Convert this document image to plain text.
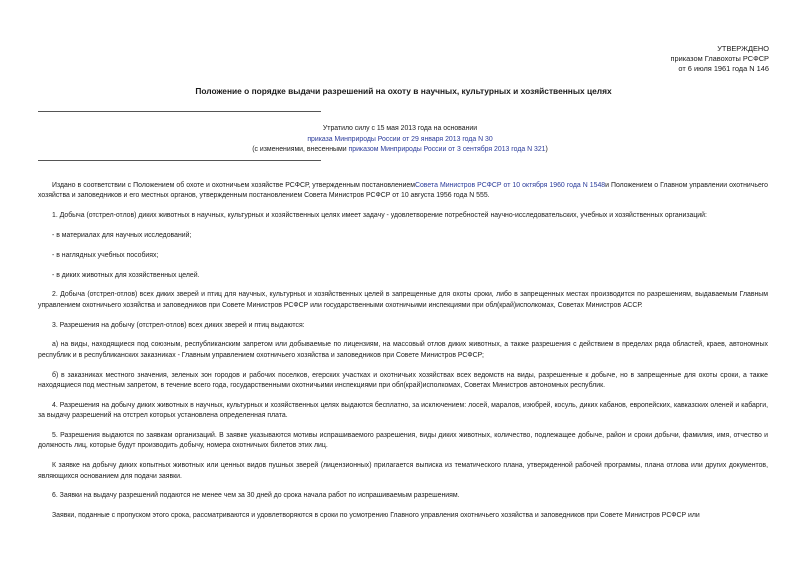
УТВЕРЖДЕНО
приказом Главохоты РСФСР
от 6 июля 1961 года N 146
Положение о порядке выдачи разрешений на охоту в научных, культурных и хозяйственных целях
Утратило силу с 15 мая 2013 года на основании
приказа Минприроды России от 29 января 2013 года N 30
(с изменениями, внесенными приказом Минприроды России от 3 сентября 2013 года N 321)

Издано в соответствии с Положением об охоте и охотничьем хозяйстве РСФСР, утвержденным постановлениемСовета Министров РСФСР от 10 октября 1960 года N 1548и Положением о Главном управлении охотничьего хозяйства и заповедников и его местных органов, утвержденным постановлением Совета Министров РСФСР от 10 августа 1956 года N 555.

1. Добыча (отстрел-отлов) диких животных в научных, культурных и хозяйственных целях имеет задачу - удовлетворение потребностей научно-исследовательских, учебных и хозяйственных организаций:

- в материалах для научных исследований;

- в наглядных учебных пособиях;

- в диких животных для хозяйственных целей.

2. Добыча (отстрел-отлов) всех диких зверей и птиц для научных, культурных и хозяйственных целей в запрещенные для охоты сроки, либо в запрещенных местах производится по разрешениям, выдаваемым Главным управлением охотничьего хозяйства и заповедников при Совете Министров РСФСР или государственными охотничьими инспекциями при обл(край)исполкомах, Советах Министров АССР.

3. Разрешения на добычу (отстрел-отлов) всех диких зверей и птиц выдаются:

а) на виды, находящиеся под союзным, республиканским запретом или добываемые по лицензиям, на массовый отлов диких животных, а также разрешения с действием в пределах ряда областей, краев, автономных республик и в республиканских заказниках - Главным управлением охотничьего хозяйства и заповедников при Совете Министров РСФСР;

б) в заказниках местного значения, зеленых зон городов и рабочих поселков, егерских участках и охотничьих хозяйствах всех ведомств на виды, разрешенные к добыче, но в запрещенные для охоты сроки, а также находящиеся под местным запретом, в течение всего года, государственными охотничьими инспекциями при обл(край)исполкомах, Советах Министров автономных республик.

4. Разрешения на добычу диких животных в научных, культурных и хозяйственных целях выдаются бесплатно, за исключением: лосей, маралов, изюбрей, косуль, диких кабанов, европейских, кавказских оленей и кабарги, за выдачу разрешений на отстрел которых установлена определенная плата.

5. Разрешения выдаются по заявкам организаций. В заявке указываются мотивы испрашиваемого разрешения, виды диких животных, количество, подлежащее добыче, район и сроки добычи, фамилия, имя, отчество и должность лиц, которые будут производить добычу, номера охотничьих билетов этих лиц.

К заявке на добычу диких копытных животных или ценных видов пушных зверей (лицензионных) прилагается выписка из тематического плана, утвержденной рабочей программы, плана отлова или других документов, являющихся основанием для подачи заявки.

6. Заявки на выдачу разрешений подаются не менее чем за 30 дней до срока начала работ по испрашиваемым разрешениям.

Заявки, поданные с пропуском этого срока, рассматриваются и удовлетворяются в сроки по усмотрению Главного управления охотничьего хозяйства и заповедников при Совете Министров РСФСР или
